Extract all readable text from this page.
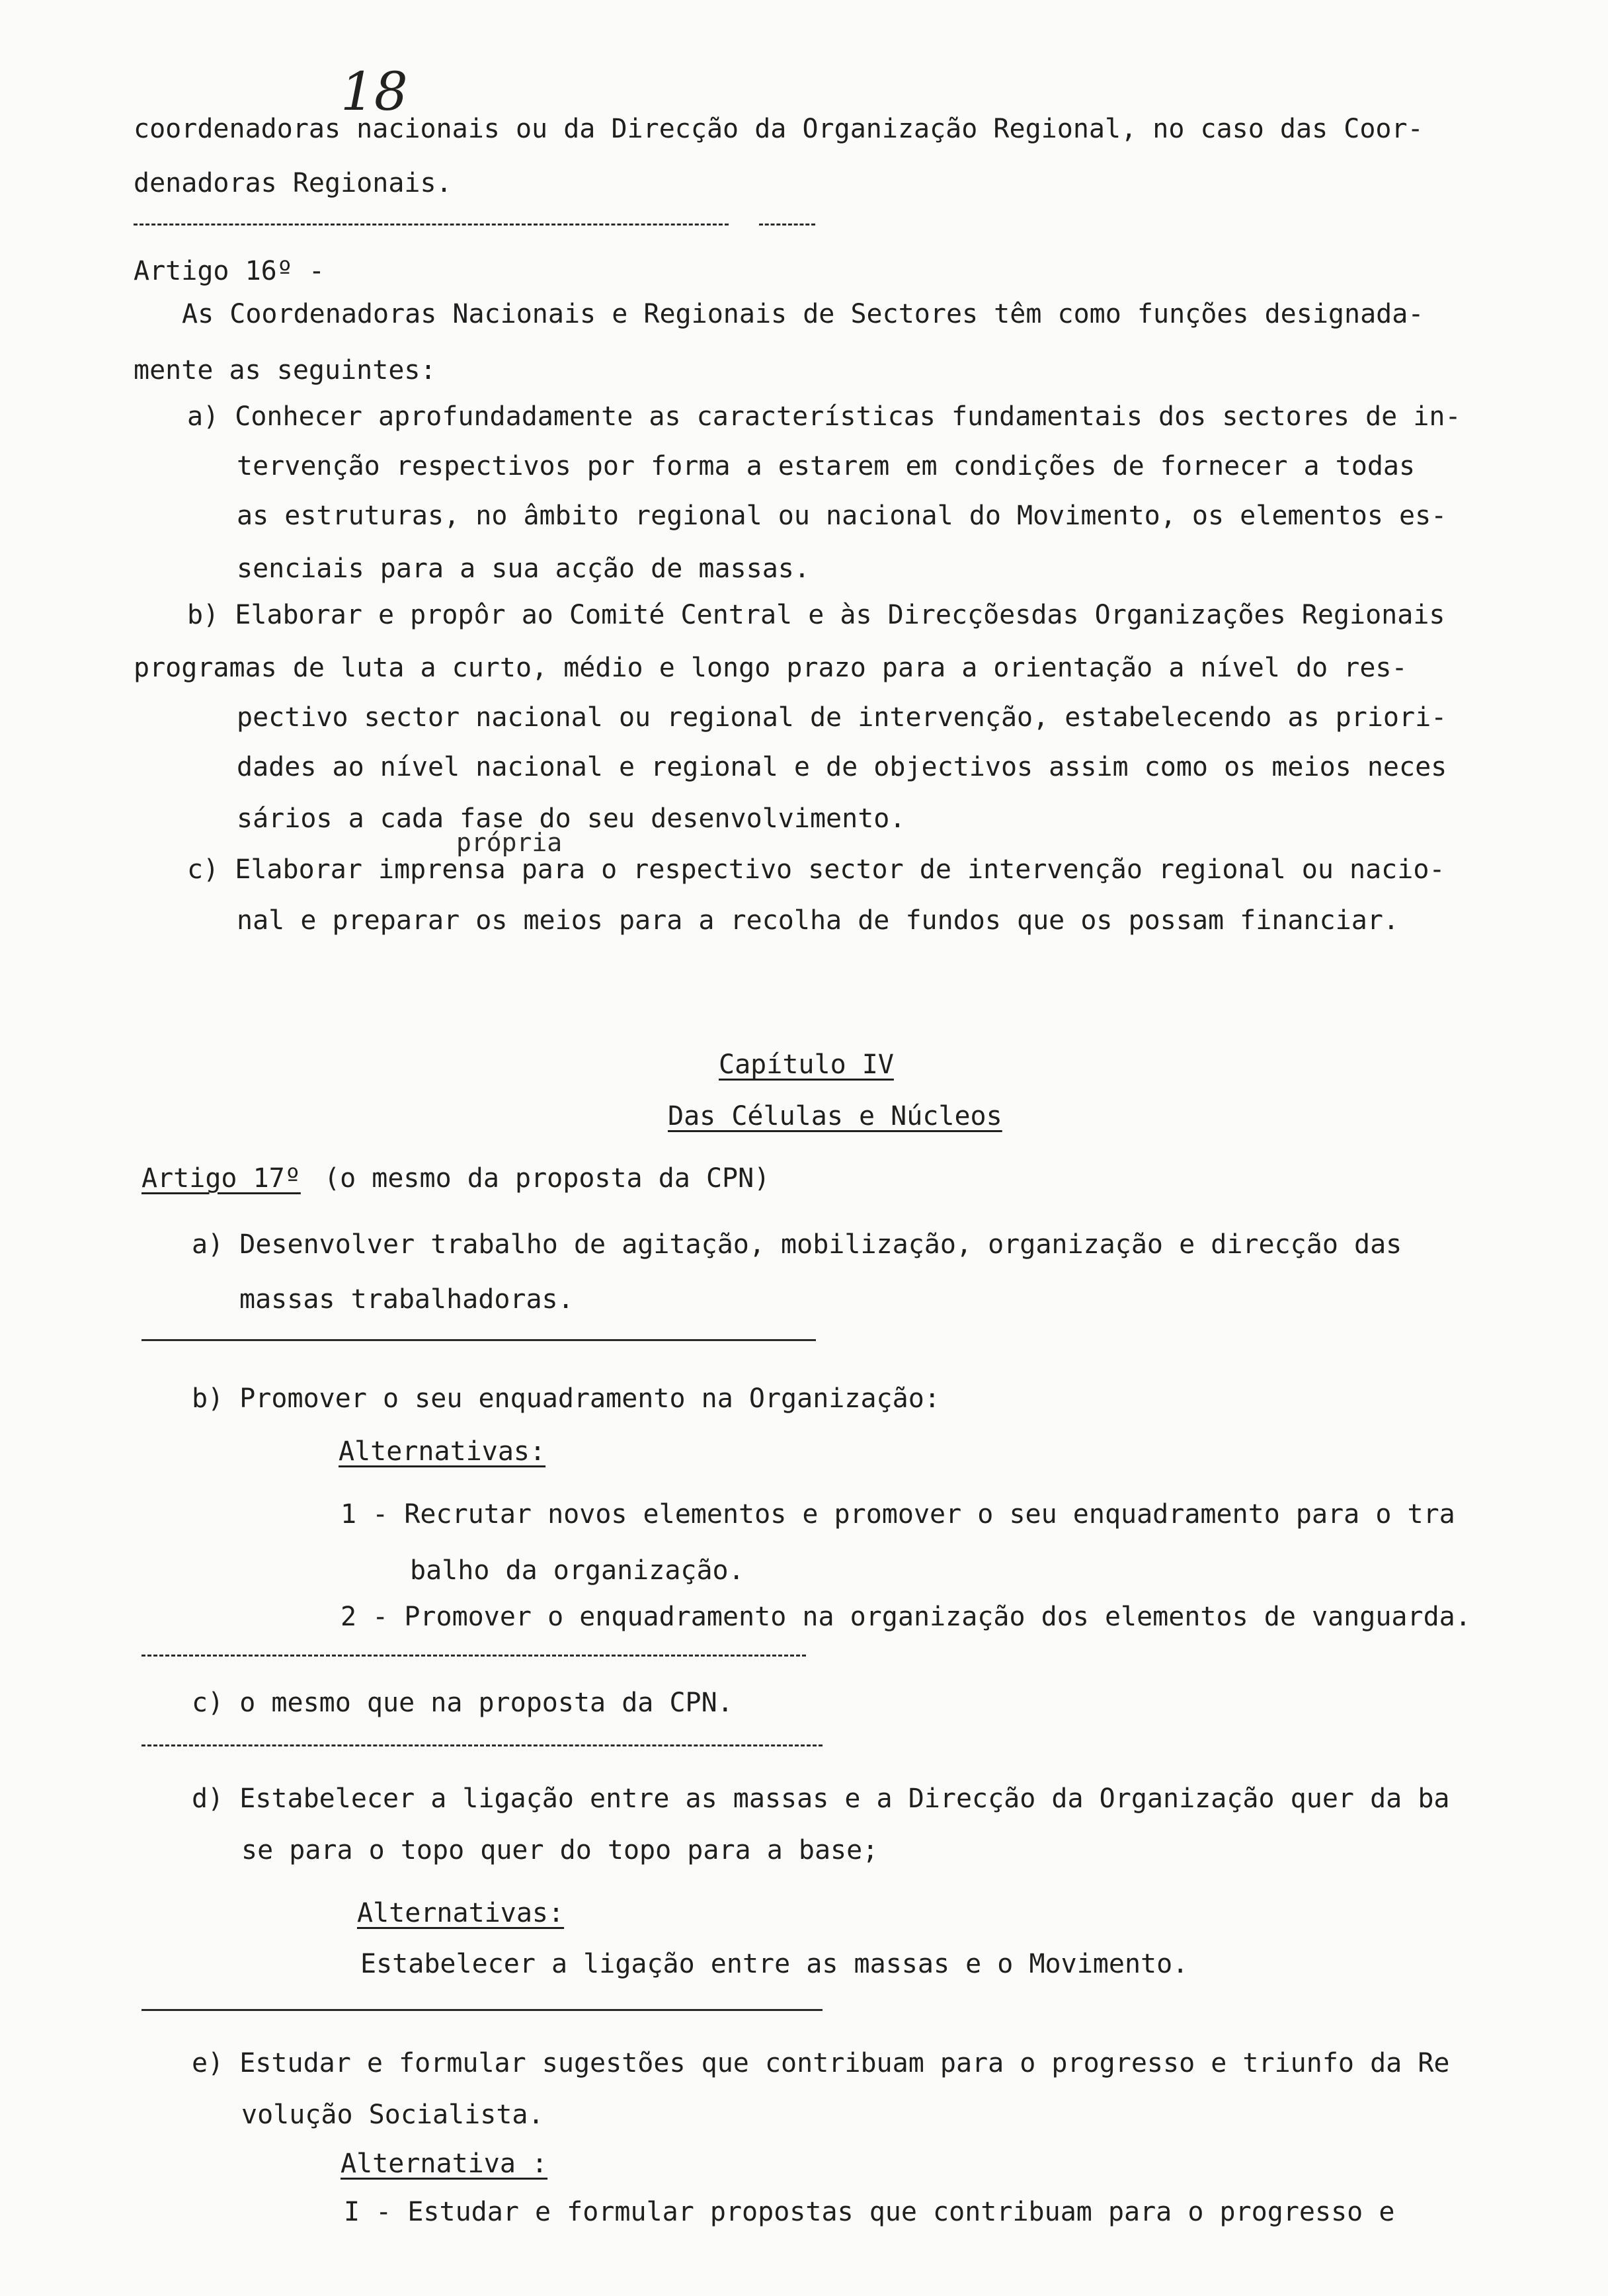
18
coordenadoras nacionais ou da Direcção da Organização Regional, no caso das Coor-
denadoras Regionais.
Artigo 16º -
As Coordenadoras Nacionais e Regionais de Sectores têm como funções designada-
mente as seguintes:
a) Conhecer aprofundadamente as características fundamentais dos sectores de in-
tervenção respectivos por forma a estarem em condições de fornecer a todas
as estruturas, no âmbito regional ou nacional do Movimento, os elementos es-
senciais para a sua acção de massas.
b) Elaborar e propôr ao Comité Central e às Direcçõesdas Organizações Regionais
programas de luta a curto, médio e longo prazo para a orientação a nível do res-
pectivo sector nacional ou regional de intervenção, estabelecendo as priori-
dades ao nível nacional e regional e de objectivos assim como os meios neces
sários a cada fase do seu desenvolvimento.
própria
c) Elaborar imprensa para o respectivo sector de intervenção regional ou nacio-
nal e preparar os meios para a recolha de fundos que os possam financiar.
Capítulo IV
Das Células e Núcleos
Artigo 17º (o mesmo da proposta da CPN)
a) Desenvolver trabalho de agitação, mobilização, organização e direcção das
massas trabalhadoras.
b) Promover o seu enquadramento na Organização:
Alternativas:
1 - Recrutar novos elementos e promover o seu enquadramento para o tra
balho da organização.
2 - Promover o enquadramento na organização dos elementos de vanguarda.
c) o mesmo que na proposta da CPN.
d) Estabelecer a ligação entre as massas e a Direcção da Organização quer da ba
se para o topo quer do topo para a base;
Alternativas:
Estabelecer a ligação entre as massas e o Movimento.
e) Estudar e formular sugestões que contribuam para o progresso e triunfo da Re
volução Socialista.
Alternativa :
I - Estudar e formular propostas que contribuam para o progresso e
